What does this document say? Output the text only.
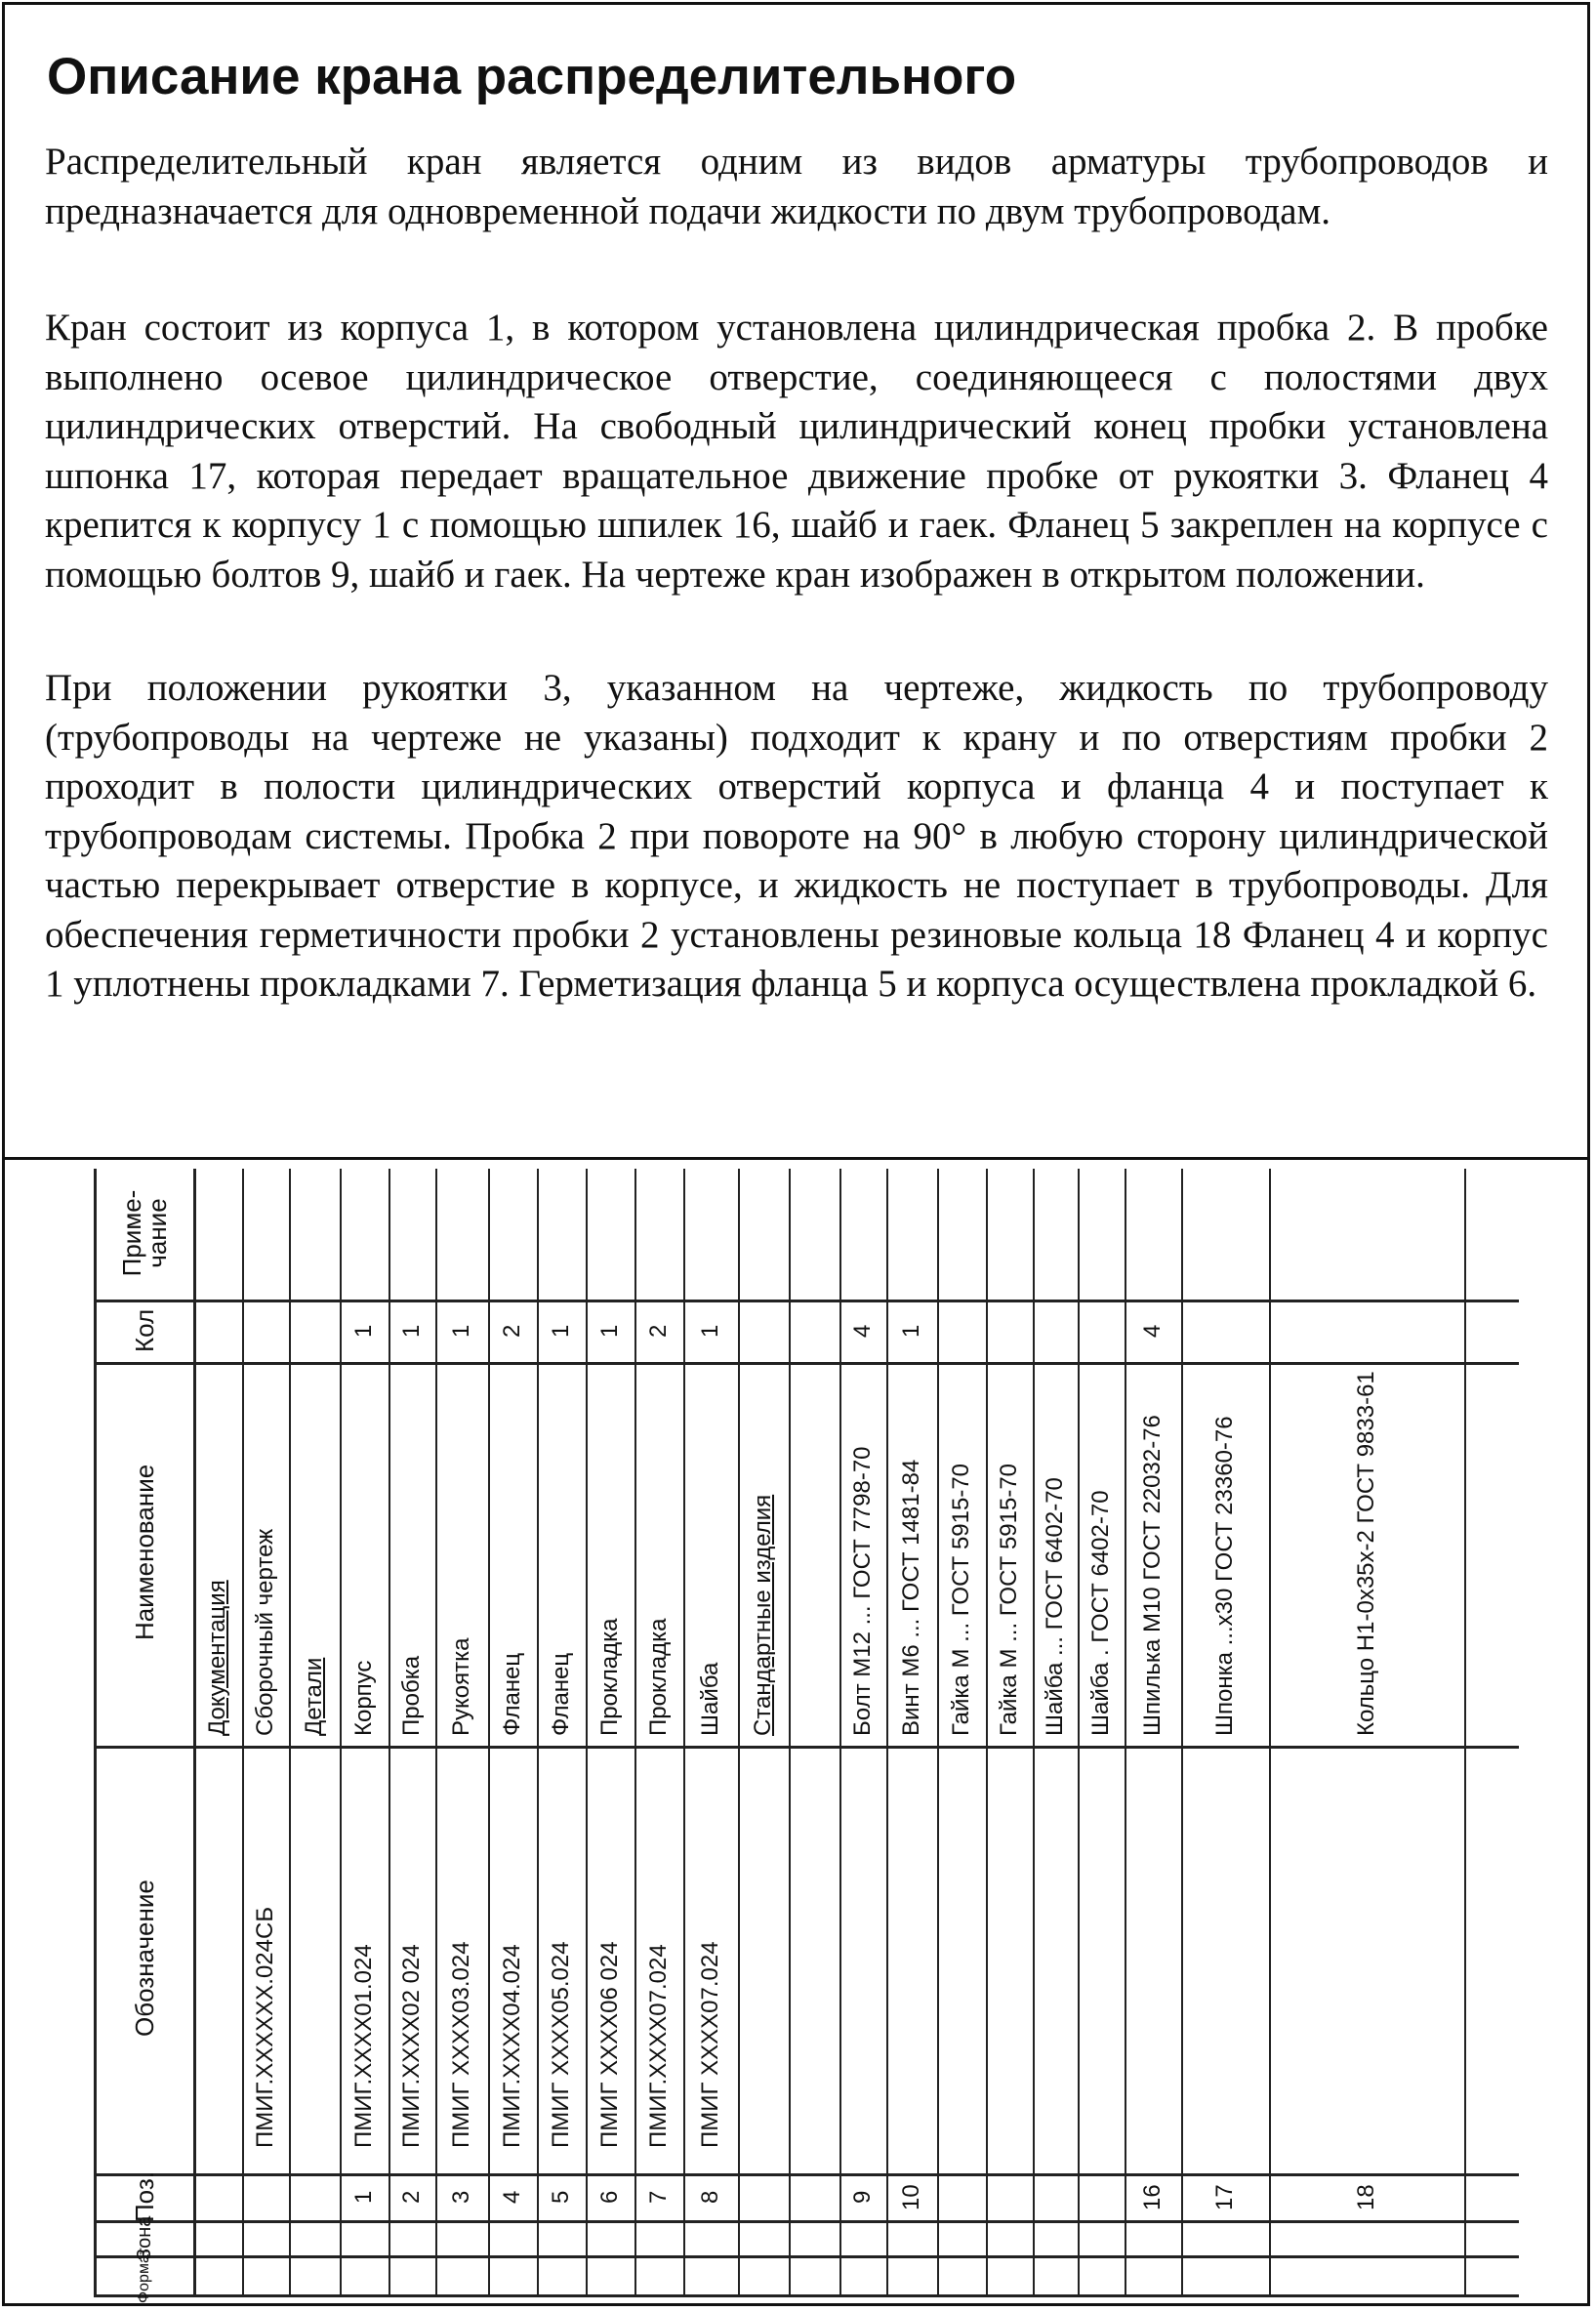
Описание крана распределительного

Распределительный кран является одним из видов арматуры трубопроводов и предназначается для одновременной подачи жидкости по двум трубопроводам.

Кран состоит из корпуса 1, в котором установлена цилиндрическая пробка 2. В пробке выполнено осевое цилиндрическое отверстие, соединяющееся с полостями двух цилиндрических отверстий. На свободный цилиндрический конец пробки установлена шпонка 17, которая передает вращательное движение пробке от рукоятки 3. Фланец 4 крепится к корпусу 1 с помощью шпилек 16, шайб и гаек. Фланец 5 закреплен на корпусе с помощью болтов 9, шайб и гаек. На чертеже кран изображен в открытом положении.

При положении рукоятки 3, указанном на чертеже, жидкость по трубопроводу (трубопроводы на чертеже не указаны) подходит к крану и по отверстиям пробки 2 проходит в полости цилиндрических отверстий корпуса и фланца 4 и поступает к трубопроводам системы. Пробка 2 при повороте на 90° в любую сторону цилиндрической частью перекрывает отверстие в корпусе, и жидкость не поступает в трубопроводы. Для обеспечения герметичности пробки 2 установлены резиновые кольца 18 Фланец 4 и корпус 1 уплотнены прокладками 7. Герметизация фланца 5 и корпуса осуществлена прокладкой 6.

Приме-чание
Кол
Наименование
Обозначение
Поз.
Зона
Формат
Документация
ПМИГ.XXXXXX.024СБ
Сборочный чертеж Детали
1
ПМИГ.XXXX01.024
Корпус
1
2
ПМИГ.XXXX02 024
Пробка
1
3
ПМИГ XXXX03.024
Рукоятка
1
4
ПМИГ.XXXX04.024
Фланец
2
5
ПМИГ XXXX05.024
Фланец
1
6
ПМИГ XXXX06 024
Прокладка
1
7
ПМИГ.XXXX07.024
Прокладка
2
8
ПМИГ XXXX07.024
Шайба
1
Стандартные изделия
9
Болт М12 ... ГОСТ 7798-70
4
10
Винт М6 ... ГОСТ 1481-84
1
Гайка М ... ГОСТ 5915-70 Гайка М ... ГОСТ 5915-70 Шайба ... ГОСТ 6402-70 Шайба . ГОСТ 6402-70
16
Шпилька М10 ГОСТ 22032-76
4
17
Шпонка ...x30 ГОСТ 23360-76
18
Кольцо Н1-0x35x-2 ГОСТ 9833-61
